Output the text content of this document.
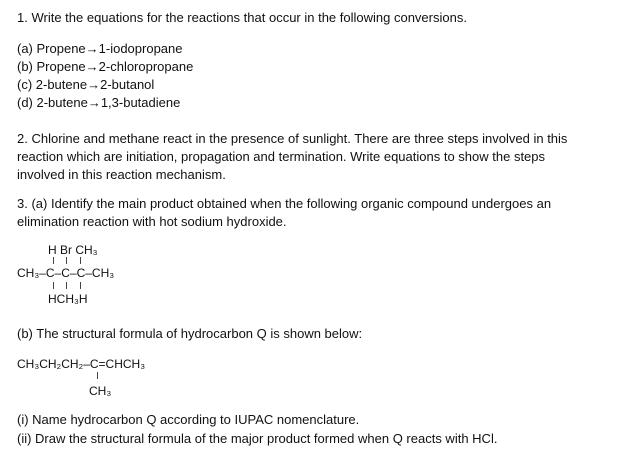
1. Write the equations for the reactions that occur in the following conversions.
(a) Propene→1-iodopropane
(b) Propene→2-chloropropane
(c) 2-butene→2-butanol
(d) 2-butene→1,3-butadiene
2. Chlorine and methane react in the presence of sunlight. There are three steps involved in this
reaction which are initiation, propagation and termination. Write equations to show the steps
involved in this reaction mechanism.
3. (a) Identify the main product obtained when the following organic compound undergoes an
elimination reaction with hot sodium hydroxide.
H Br CH₃
CH₃–C–C–C–CH₃
HCH₃H
(b) The structural formula of hydrocarbon Q is shown below:
CH₃CH₂CH₂–C=CHCH₃
CH₃
(i) Name hydrocarbon Q according to IUPAC nomenclature.
(ii) Draw the structural formula of the major product formed when Q reacts with HCl.
